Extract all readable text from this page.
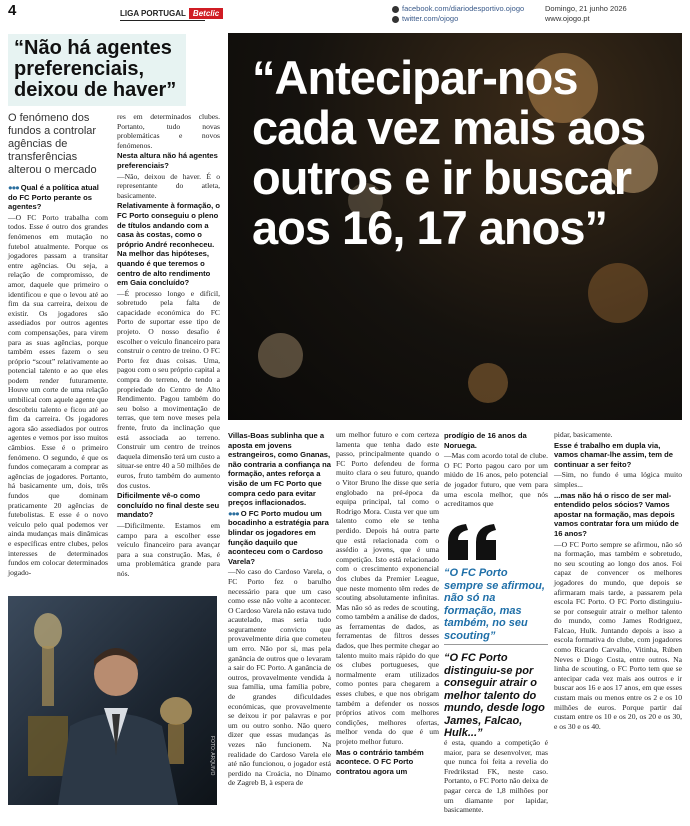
4	LIGA PORTUGAL Betclic	facebook.com/diariodesportivo.ojogo
twitter.com/ojogo
Domingo, 21 junho 2026
www.ojogo.pt
“Não há agentes preferenciais, deixou de haver”
O fenómeno dos fundos a controlar agências de transferências alterou o mercado

●●● Qual é a política atual do FC Porto perante os agentes?

—O FC Porto trabalha com todos. Esse é outro dos grandes fenómenos em mutação no futebol atualmente. Porque os jogadores passam a transitar entre agências. Ou seja, a relação de compromisso, de amor, daquele que primeiro o identificou e que o levou até ao fim da sua carreira, deixou de existir. Os jogadores são assediados por outros agentes com compensações, para virem para as suas agências, porque também esses fazem o seu próprio “scout” relativamente ao potencial talento e ao que eles podem render futuramente. Houve um corte de uma relação umbilical com aquele agente que descobriu talento e ficou até ao fim da carreira. Os jogadores agora são assediados por outros agentes e vemos por isso muitos câmbios. Esse é o primeiro fenómeno. O segundo, é que os fundos começaram a comprar as agências de jogadores. Portanto, há basicamente um, dois, três fundos que dominam praticamente 20 agências de futebolistas. E esse é o novo veículo pelo qual podemos ver ainda mudanças mais dinâmicas e específicas entre clubes, pelos interesses de determinados fundos em colocar determinados jogado-

res em determinados clubes. Portanto, tudo novas problemáticas e novos fenómenos.

Nesta altura não há agentes preferenciais?

—Não, deixou de haver. É o representante do atleta, basicamente.

Relativamente à formação, o FC Porto conseguiu o pleno de títulos andando com a casa às costas, como o próprio André reconheceu. Na melhor das hipóteses, quando é que teremos o centro de alto rendimento em Gaia concluído?

—É processo longo e difícil, sobretudo pela falta de capacidade económica do FC Porto de suportar esse tipo de projeto. O nosso desafio é escolher o veículo financeiro para construir o centro de treino. O FC Porto fez duas coisas. Uma, pagou com o seu próprio capital a compra do terreno, de tendo a propriedade do Centro de Alto Rendimento. Pagou também do seu bolso a movimentação de terras, que tem nove meses pela frente, fruto da inclinação que está associada ao terreno. Construir um centro de treinos daquela dimensão terá um custo a situar-se entre 40 a 50 milhões de euros, fruto também do aumento dos custos.

Dificilmente vê-o como concluído no final deste seu mandato?

—Dificilmente. Estamos em campo para a escolher esse veículo financeiro para avançar para a sua construção. Mas, é uma problemática grande para nós.

FOTO: ARQUIVO
“Antecipar-nos cada vez mais aos outros e ir buscar aos 16, 17 anos”

Villas-Boas sublinha que a aposta em jovens estrangeiros, como Gnanas, não contraria a confiança na formação, antes reforça a visão de um FC Porto que compra cedo para evitar preços inflacionados.

●●● O FC Porto mudou um bocadinho a estratégia para blindar os jogadores em função daquilo que aconteceu com o Cardoso Varela?

—No caso do Cardoso Varela, o FC Porto fez o barulho necessário para que um caso como esse não volte a acontecer. O Cardoso Varela não estava tudo acautelado, mas seria tudo seguramente convicto que provavelmente diria que cometeu um erro. Não por si, mas pela ganância de outros que o levaram a sair do FC Porto. A ganância de outros, provavelmente vendida à sua família, uma família pobre, de grandes dificuldades económicas, que provavelmente se deixou ir por palavras e por um ou outro sonho. Não quero dizer que essas mudanças às vezes não funcionem. Na realidade do Cardoso Varela ele até não funcionou, o jogador está perdido na Croácia, no Dínamo de Zagreb B, à espera de

um melhor futuro e com certeza lamenta que tenha dado este passo, principalmente quando o FC Porto defendeu de forma muito clara o seu futuro, quando o Vitor Bruno lhe disse que seria englobado na pré-época da equipa principal, tal como o Rodrigo Mora. Custa ver que um talento como ele se tenha perdido. Depois há outra parte que está relacionada com o assédio a jovens, que é uma competição. Isto está relacionado com o crescimento exponencial dos clubes da Premier League, que neste momento têm redes de scouting absolutamente infinitas. Mas não só as redes de scouting, como também a análise de dados, as ferramentas de dados, as ferramentas de filtros desses dados, que lhes permite chegar ao talento muito mais rápido do que os clubes portugueses, que normalmente eram utilizados como pontes para chegarem a esses clubes, e que nos obrigam também a defender os nossos próprios ativos com melhores condições, melhores ofertas, melhor venda do que é um projeto melhor futuro.

Mas o contrário também acontece. O FC Porto contratou agora um

prodígio de 16 anos da Noruega.

—Mas com acordo total de clube. O FC Porto pagou caro por um miúdo de 16 anos, pelo potencial de jogador futuro, que vem para uma escola melhor, que nós acreditamos que

“O FC Porto sempre se afirmou, não só na formação, mas também, no seu scouting”
“O FC Porto distinguiu-se por conseguir atrair o melhor talento do mundo, desde logo James, Falcao, Hulk...”

é esta, quando a competição é maior, para se desenvolver, mas que nunca foi feita a revelia do Fredrikstad FK, neste caso. Portanto, o FC Porto não deixa de pagar cerca de 1,8 milhões por um diamante por lapidar, basicamente.

pidar, basicamente.

Esse é trabalho em dupla via, vamos chamar-lhe assim, tem de continuar a ser feito?

—Sim, no fundo é uma lógica muito simples...

...mas não há o risco de ser mal-entendido pelos sócios? Vamos apostar na formação, mas depois vamos contratar fora um miúdo de 16 anos?

—O FC Porto sempre se afirmou, não só na formação, mas também e sobretudo, no seu scouting ao longo dos anos. Foi capaz de convencer os melhores jogadores do mundo, que depois se afirmaram mais tarde, a passarem pela escola FC Porto. O FC Porto distinguiu-se por conseguir atrair o melhor talento do mundo, como James Rodriguez, Falcao, Hulk. Juntando depois a isso a escola formativa do clube, com jogadores como Ricardo Carvalho, Vitinha, Rúben Neves e Diogo Costa, entre outros. Na linha de scouting, o FC Porto tem que se antecipar cada vez mais aos outros e ir buscar aos 16 e aos 17 anos, em que esses custam mais ou menos entre os 2 e os 10 milhões de euros. Porque partir daí custam entre os 10 e os 20, os 20 e os 30, e os 30 e os 40.
